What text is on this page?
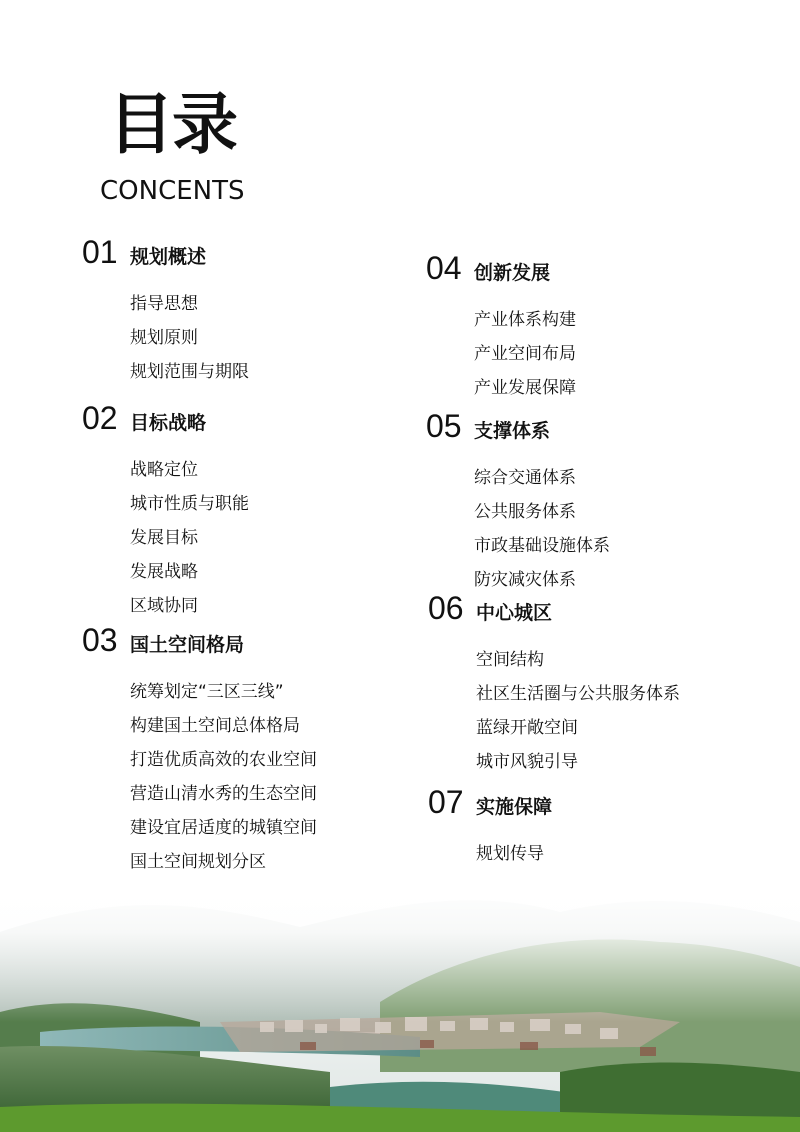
目录
CONCENTS
01 规划概述
指导思想
规划原则
规划范围与期限
02 目标战略
战略定位
城市性质与职能
发展目标
发展战略
区域协同
03 国土空间格局
统筹划定“三区三线”
构建国土空间总体格局
打造优质高效的农业空间
营造山清水秀的生态空间
建设宜居适度的城镇空间
国土空间规划分区
04 创新发展
产业体系构建
产业空间布局
产业发展保障
05 支撑体系
综合交通体系
公共服务体系
市政基础设施体系
防灾减灾体系
06 中心城区
空间结构
社区生活圈与公共服务体系
蓝绿开敞空间
城市风貌引导
07 实施保障
规划传导
